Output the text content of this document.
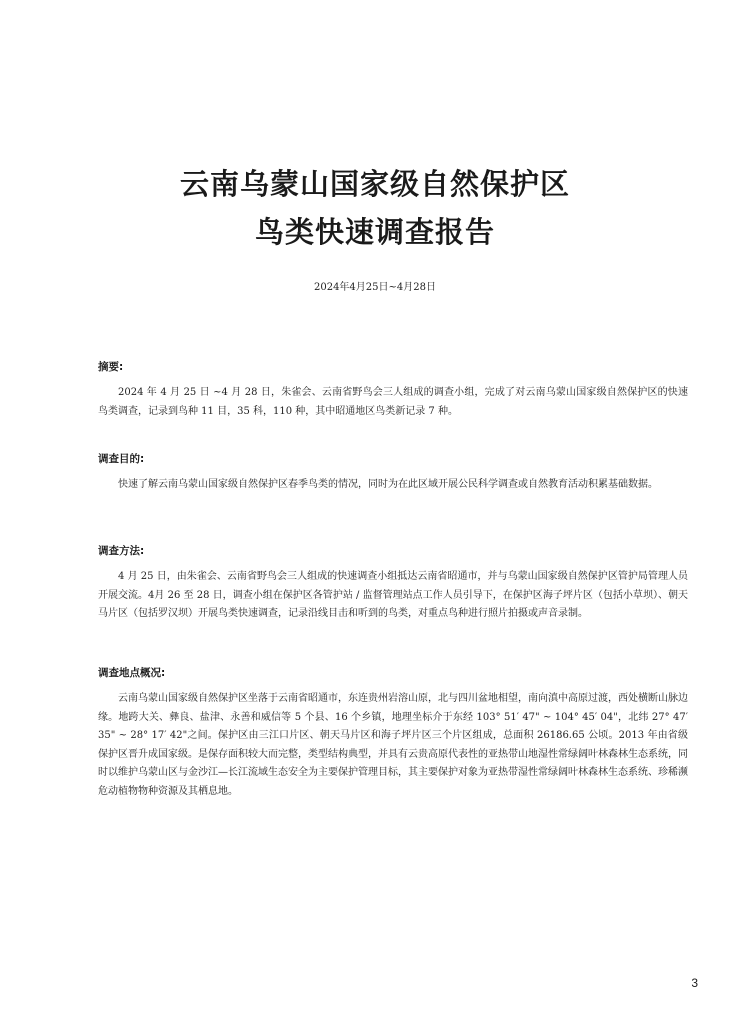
云南乌蒙山国家级自然保护区
鸟类快速调查报告
2024年4月25日~4月28日
摘要:

2024 年 4 月 25 日 ~4 月 28 日，朱雀会、云南省野鸟会三人组成的调查小组，完成了对云南乌蒙山国家级自然保护区的快速鸟类调查，记录到鸟种 11 目，35 科，110 种，其中昭通地区鸟类新记录 7 种。

调查目的:

快速了解云南乌蒙山国家级自然保护区春季鸟类的情况，同时为在此区域开展公民科学调查或自然教育活动积累基础数据。

调查方法:

4 月 25 日，由朱雀会、云南省野鸟会三人组成的快速调查小组抵达云南省昭通市，并与乌蒙山国家级自然保护区管护局管理人员开展交流。4月 26 至 28 日，调查小组在保护区各管护站 / 监督管理站点工作人员引导下，在保护区海子坪片区（包括小草坝）、朝天马片区（包括罗汉坝）开展鸟类快速调查，记录沿线目击和听到的鸟类，对重点鸟种进行照片拍摄或声音录制。

调查地点概况:

云南乌蒙山国家级自然保护区坐落于云南省昭通市，东连贵州岩溶山原，北与四川盆地相望，南向滇中高原过渡，西处横断山脉边缘。地跨大关、彝良、盐津、永善和威信等 5 个县、16 个乡镇，地理坐标介于东经 103° 51′ 47" ~ 104° 45′ 04"，北纬 27° 47′ 35" ~ 28° 17′ 42"之间。保护区由三江口片区、朝天马片区和海子坪片区三个片区组成，总面积 26186.65 公顷。2013 年由省级保护区晋升成国家级。是保存面积较大而完整，类型结构典型，并具有云贵高原代表性的亚热带山地湿性常绿阔叶林森林生态系统，同时以维护乌蒙山区与金沙江—长江流域生态安全为主要保护管理目标，其主要保护对象为亚热带湿性常绿阔叶林森林生态系统、珍稀濒危动植物物种资源及其栖息地。

3
